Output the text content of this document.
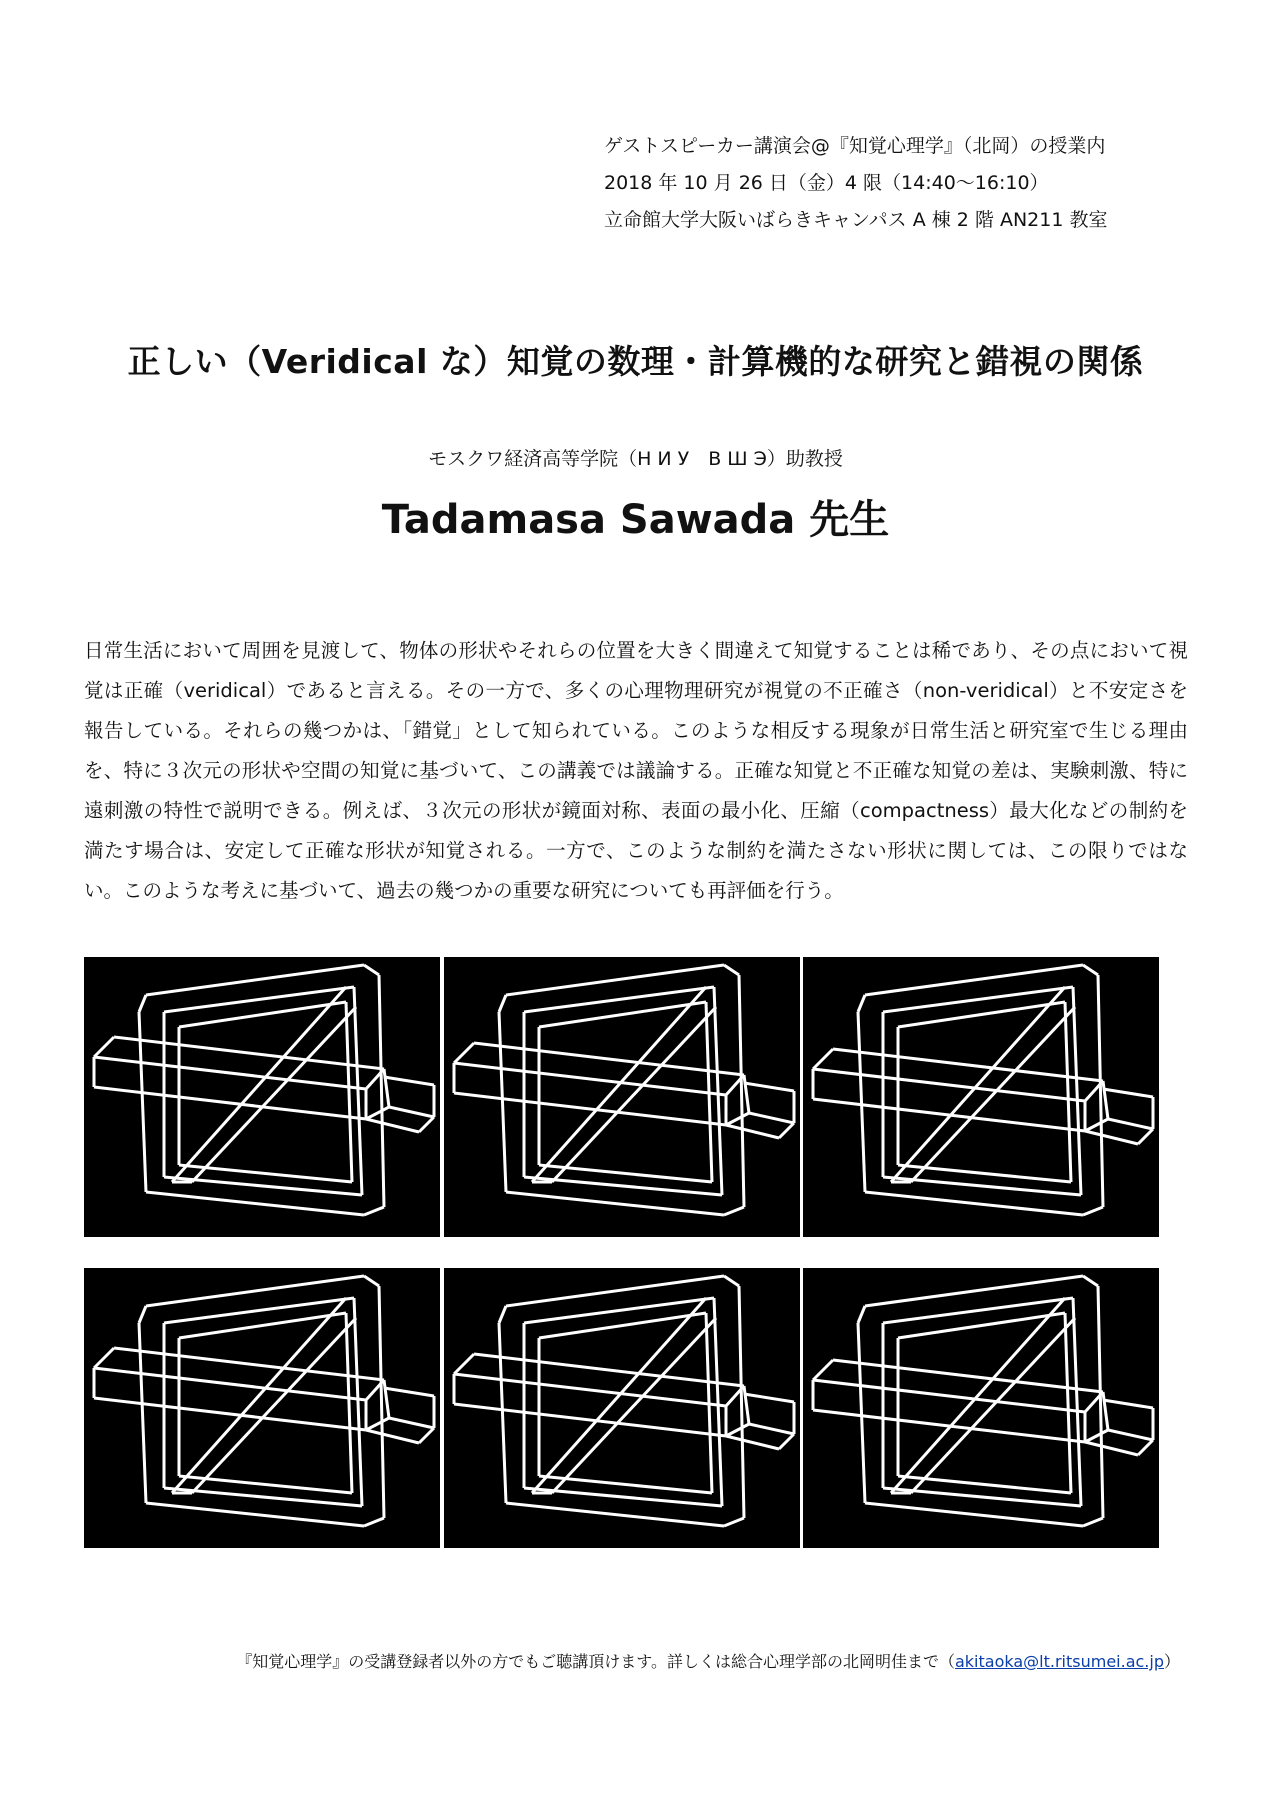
ゲストスピーカー講演会@『知覚心理学』（北岡）の授業内
2018 年 10 月 26 日（金）4 限（14:40～16:10）
立命館大学大阪いばらきキャンパス A 棟 2 階 AN211 教室
正しい（Veridical な）知覚の数理・計算機的な研究と錯視の関係
モスクワ経済高等学院（Н И У　В Ш Э）助教授
Tadamasa Sawada 先生
日常生活において周囲を見渡して、物体の形状やそれらの位置を大きく間違えて知覚することは稀であり、その点において視覚は正確（veridical）であると言える。その一方で、多くの心理物理研究が視覚の不正確さ（non-veridical）と不安定さを報告している。それらの幾つかは、「錯覚」として知られている。このような相反する現象が日常生活と研究室で生じる理由を、特に３次元の形状や空間の知覚に基づいて、この講義では議論する。正確な知覚と不正確な知覚の差は、実験刺激、特に遠刺激の特性で説明できる。例えば、３次元の形状が鏡面対称、表面の最小化、圧縮（compactness）最大化などの制約を満たす場合は、安定して正確な形状が知覚される。一方で、このような制約を満たさない形状に関しては、この限りではない。このような考えに基づいて、過去の幾つかの重要な研究についても再評価を行う。
『知覚心理学』の受講登録者以外の方でもご聴講頂けます。詳しくは総合心理学部の北岡明佳まで（akitaoka@lt.ritsumei.ac.jp）
